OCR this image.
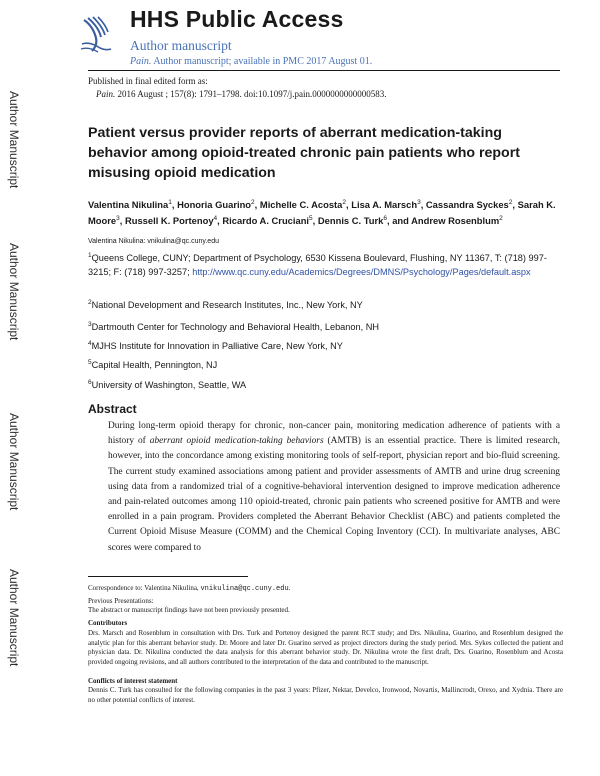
HHS Public Access
Author manuscript
Pain. Author manuscript; available in PMC 2017 August 01.
Published in final edited form as:
Pain. 2016 August ; 157(8): 1791–1798. doi:10.1097/j.pain.0000000000000583.
Author Manuscript
Author Manuscript
Author Manuscript
Author Manuscript
Patient versus provider reports of aberrant medication-taking behavior among opioid-treated chronic pain patients who report misusing opioid medication
Valentina Nikulina$^1$, Honoria Guarino$^2$, Michelle C. Acosta$^2$, Lisa A. Marsch$^3$, Cassandra Syckes$^2$, Sarah K. Moore$^3$, Russell K. Portenoy$^4$, Ricardo A. Cruciani$^5$, Dennis C. Turk$^6$, and Andrew Rosenblum$^2$
Valentina Nikulina: vnikulina@qc.cuny.edu
$^1$Queens College, CUNY; Department of Psychology, 6530 Kissena Boulevard, Flushing, NY 11367, T: (718) 997-3215; F: (718) 997-3257; http://www.qc.cuny.edu/Academics/Degrees/DMNS/Psychology/Pages/default.aspx
$^2$National Development and Research Institutes, Inc., New York, NY
$^3$Dartmouth Center for Technology and Behavioral Health, Lebanon, NH
$^4$MJHS Institute for Innovation in Palliative Care, New York, NY
$^5$Capital Health, Pennington, NJ
$^6$University of Washington, Seattle, WA
Abstract
During long-term opioid therapy for chronic, non-cancer pain, monitoring medication adherence of patients with a history of aberrant opioid medication-taking behaviors (AMTB) is an essential practice. There is limited research, however, into the concordance among existing monitoring tools of self-report, physician report and bio-fluid screening. The current study examined associations among patient and provider assessments of AMTB and urine drug screening using data from a randomized trial of a cognitive-behavioral intervention designed to improve medication adherence and pain-related outcomes among 110 opioid-treated, chronic pain patients who screened positive for AMTB and were enrolled in a pain program. Providers completed the Aberrant Behavior Checklist (ABC) and patients completed the Current Opioid Misuse Measure (COMM) and the Chemical Coping Inventory (CCI). In multivariate analyses, ABC scores were compared to
Correspondence to: Valentina Nikulina, vnikulina@qc.cuny.edu.
Previous Presentations:
The abstract or manuscript findings have not been previously presented.
Contributors
Drs. Marsch and Rosenblum in consultation with Drs. Turk and Portenoy designed the parent RCT study; and Drs. Nikulina, Guarino, and Rosenblum designed the analytic plan for this aberrant behavior study. Dr. Moore and later Dr. Guarino served as project directors during the study period. Mrs. Sykes collected the patient and physician data. Dr. Nikulina conducted the data analysis for this aberrant behavior study. Dr. Nikulina wrote the first draft, Drs. Guarino, Rosenblum and Acosta provided ongoing revisions, and all authors contributed to the interpretation of the data and contributed to the manuscript.
Conflicts of interest statement
Dennis C. Turk has consulted for the following companies in the past 3 years: Pfizer, Nektar, Develco, Ironwood, Novartis, Mallincrodt, Orexo, and Xydnia. There are no other potential conflicts of interest.
